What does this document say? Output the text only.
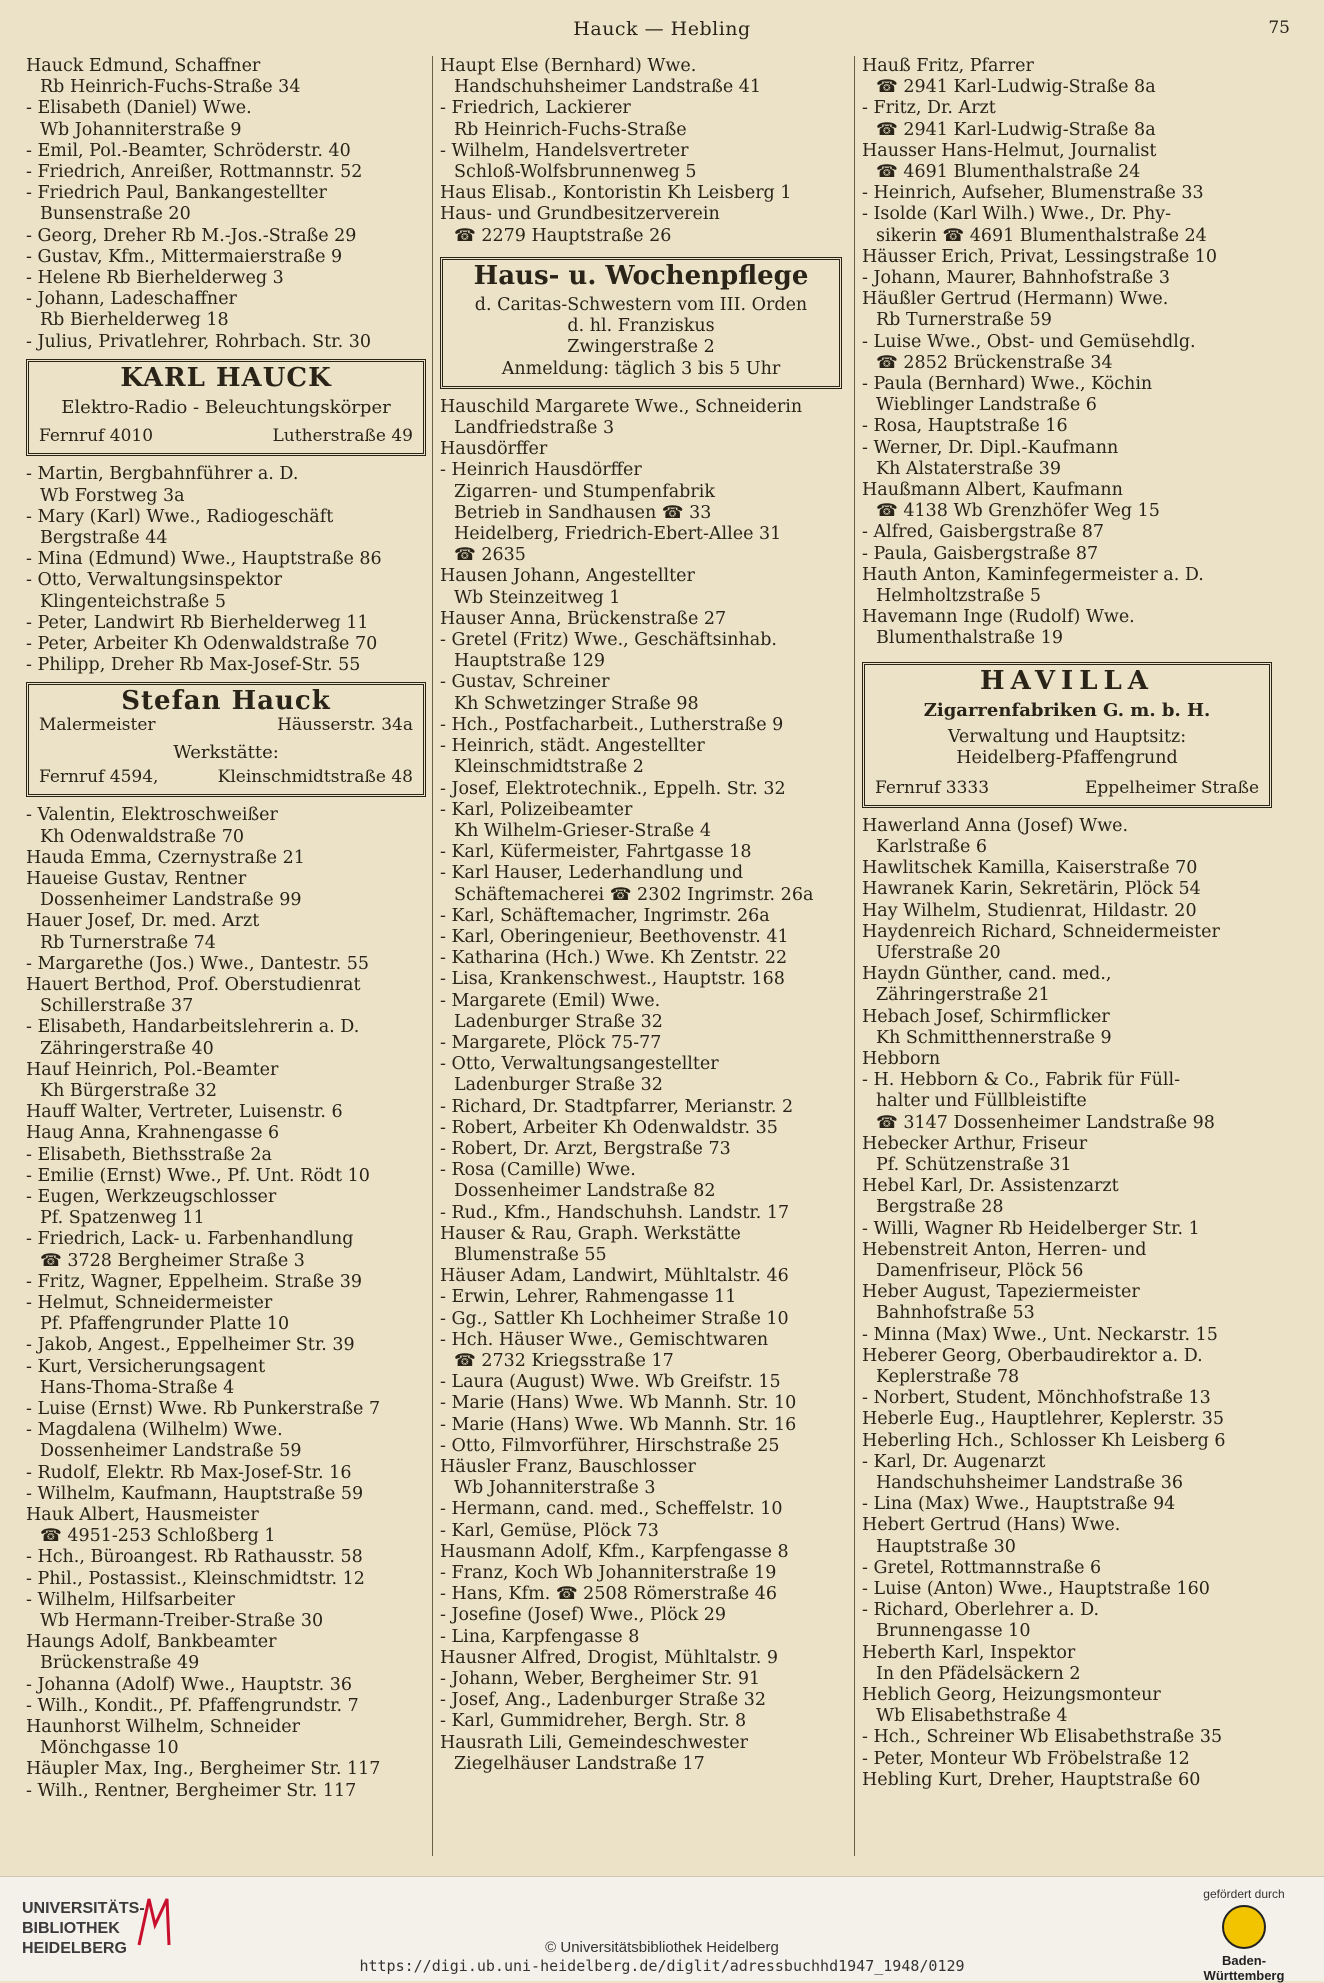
Hauck — Hebling	75
Hauck Edmund, Schaffner
Rb Heinrich-Fuchs-Straße 34
- Elisabeth (Daniel) Wwe.
Wb Johanniterstraße 9
- Emil, Pol.-Beamter, Schröderstr. 40
- Friedrich, Anreißer, Rottmannstr. 52
- Friedrich Paul, Bankangestellter
Bunsenstraße 20
- Georg, Dreher Rb M.-Jos.-Straße 29
- Gustav, Kfm., Mittermaierstraße 9
- Helene Rb Bierhelderweg 3
- Johann, Ladeschaffner
Rb Bierhelderweg 18
- Julius, Privatlehrer, Rohrbach. Str. 30
KARL HAUCK
Elektro-Radio - Beleuchtungskörper
Fernruf 4010	Lutherstraße 49
- Martin, Bergbahnführer a. D.
Wb Forstweg 3a
- Mary (Karl) Wwe., Radiogeschäft
Bergstraße 44
- Mina (Edmund) Wwe., Hauptstraße 86
- Otto, Verwaltungsinspektor
Klingenteichstraße 5
- Peter, Landwirt Rb Bierhelderweg 11
- Peter, Arbeiter Kh Odenwaldstraße 70
- Philipp, Dreher Rb Max-Josef-Str. 55
Stefan Hauck
Malermeister	Häusserstr. 34a
Werkstätte:
Fernruf 4594,	Kleinschmidtstraße 48
- Valentin, Elektroschweißer
Kh Odenwaldstraße 70
Hauda Emma, Czernystraße 21
Haueise Gustav, Rentner
Dossenheimer Landstraße 99
Hauer Josef, Dr. med. Arzt
Rb Turnerstraße 74
- Margarethe (Jos.) Wwe., Dantestr. 55
Hauert Berthod, Prof. Oberstudienrat
Schillerstraße 37
- Elisabeth, Handarbeitslehrerin a. D.
Zähringerstraße 40
Hauf Heinrich, Pol.-Beamter
Kh Bürgerstraße 32
Hauff Walter, Vertreter, Luisenstr. 6
Haug Anna, Krahnengasse 6
- Elisabeth, Biethsstraße 2a
- Emilie (Ernst) Wwe., Pf. Unt. Rödt 10
- Eugen, Werkzeugschlosser
Pf. Spatzenweg 11
- Friedrich, Lack- u. Farbenhandlung
☎ 3728 Bergheimer Straße 3
- Fritz, Wagner, Eppelheim. Straße 39
- Helmut, Schneidermeister
Pf. Pfaffengrunder Platte 10
- Jakob, Angest., Eppelheimer Str. 39
- Kurt, Versicherungsagent
Hans-Thoma-Straße 4
- Luise (Ernst) Wwe. Rb Punkerstraße 7
- Magdalena (Wilhelm) Wwe.
Dossenheimer Landstraße 59
- Rudolf, Elektr. Rb Max-Josef-Str. 16
- Wilhelm, Kaufmann, Hauptstraße 59
Hauk Albert, Hausmeister
☎ 4951-253 Schloßberg 1
- Hch., Büroangest. Rb Rathausstr. 58
- Phil., Postassist., Kleinschmidtstr. 12
- Wilhelm, Hilfsarbeiter
Wb Hermann-Treiber-Straße 30
Haungs Adolf, Bankbeamter
Brückenstraße 49
- Johanna (Adolf) Wwe., Hauptstr. 36
- Wilh., Kondit., Pf. Pfaffengrundstr. 7
Haunhorst Wilhelm, Schneider
Mönchgasse 10
Häupler Max, Ing., Bergheimer Str. 117
- Wilh., Rentner, Bergheimer Str. 117
Haupt Else (Bernhard) Wwe.
Handschuhsheimer Landstraße 41
- Friedrich, Lackierer
Rb Heinrich-Fuchs-Straße
- Wilhelm, Handelsvertreter
Schloß-Wolfsbrunnenweg 5
Haus Elisab., Kontoristin Kh Leisberg 1
Haus- und Grundbesitzerverein
☎ 2279 Hauptstraße 26
Haus- u. Wochenpflege
d. Caritas-Schwestern vom III. Orden
d. hl. Franziskus
Zwingerstraße 2
Anmeldung: täglich 3 bis 5 Uhr
Hauschild Margarete Wwe., Schneiderin
Landfriedstraße 3
Hausdörffer
- Heinrich Hausdörffer
Zigarren- und Stumpenfabrik
Betrieb in Sandhausen ☎ 33
Heidelberg, Friedrich-Ebert-Allee 31
☎ 2635
Hausen Johann, Angestellter
Wb Steinzeitweg 1
Hauser Anna, Brückenstraße 27
- Gretel (Fritz) Wwe., Geschäftsinhab.
Hauptstraße 129
- Gustav, Schreiner
Kh Schwetzinger Straße 98
- Hch., Postfacharbeit., Lutherstraße 9
- Heinrich, städt. Angestellter
Kleinschmidtstraße 2
- Josef, Elektrotechnik., Eppelh. Str. 32
- Karl, Polizeibeamter
Kh Wilhelm-Grieser-Straße 4
- Karl, Küfermeister, Fahrtgasse 18
- Karl Hauser, Lederhandlung und
Schäftemacherei ☎ 2302 Ingrimstr. 26a
- Karl, Schäftemacher, Ingrimstr. 26a
- Karl, Oberingenieur, Beethovenstr. 41
- Katharina (Hch.) Wwe. Kh Zentstr. 22
- Lisa, Krankenschwest., Hauptstr. 168
- Margarete (Emil) Wwe.
Ladenburger Straße 32
- Margarete, Plöck 75-77
- Otto, Verwaltungsangestellter
Ladenburger Straße 32
- Richard, Dr. Stadtpfarrer, Merianstr. 2
- Robert, Arbeiter Kh Odenwaldstr. 35
- Robert, Dr. Arzt, Bergstraße 73
- Rosa (Camille) Wwe.
Dossenheimer Landstraße 82
- Rud., Kfm., Handschuhsh. Landstr. 17
Hauser & Rau, Graph. Werkstätte
Blumenstraße 55
Häuser Adam, Landwirt, Mühltalstr. 46
- Erwin, Lehrer, Rahmengasse 11
- Gg., Sattler Kh Lochheimer Straße 10
- Hch. Häuser Wwe., Gemischtwaren
☎ 2732 Kriegsstraße 17
- Laura (August) Wwe. Wb Greifstr. 15
- Marie (Hans) Wwe. Wb Mannh. Str. 10
- Marie (Hans) Wwe. Wb Mannh. Str. 16
- Otto, Filmvorführer, Hirschstraße 25
Häusler Franz, Bauschlosser
Wb Johanniterstraße 3
- Hermann, cand. med., Scheffelstr. 10
- Karl, Gemüse, Plöck 73
Hausmann Adolf, Kfm., Karpfengasse 8
- Franz, Koch Wb Johanniterstraße 19
- Hans, Kfm. ☎ 2508 Römerstraße 46
- Josefine (Josef) Wwe., Plöck 29
- Lina, Karpfengasse 8
Hausner Alfred, Drogist, Mühltalstr. 9
- Johann, Weber, Bergheimer Str. 91
- Josef, Ang., Ladenburger Straße 32
- Karl, Gummidreher, Bergh. Str. 8
Hausrath Lili, Gemeindeschwester
Ziegelhäuser Landstraße 17
Hauß Fritz, Pfarrer
☎ 2941 Karl-Ludwig-Straße 8a
- Fritz, Dr. Arzt
☎ 2941 Karl-Ludwig-Straße 8a
Hausser Hans-Helmut, Journalist
☎ 4691 Blumenthalstraße 24
- Heinrich, Aufseher, Blumenstraße 33
- Isolde (Karl Wilh.) Wwe., Dr. Phy-
sikerin ☎ 4691 Blumenthalstraße 24
Häusser Erich, Privat, Lessingstraße 10
- Johann, Maurer, Bahnhofstraße 3
Häußler Gertrud (Hermann) Wwe.
Rb Turnerstraße 59
- Luise Wwe., Obst- und Gemüsehdlg.
☎ 2852 Brückenstraße 34
- Paula (Bernhard) Wwe., Köchin
Wieblinger Landstraße 6
- Rosa, Hauptstraße 16
- Werner, Dr. Dipl.-Kaufmann
Kh Alstaterstraße 39
Haußmann Albert, Kaufmann
☎ 4138 Wb Grenzhöfer Weg 15
- Alfred, Gaisbergstraße 87
- Paula, Gaisbergstraße 87
Hauth Anton, Kaminfegermeister a. D.
Helmholtzstraße 5
Havemann Inge (Rudolf) Wwe.
Blumenthalstraße 19
HAVILLA
Zigarrenfabriken G. m. b. H.
Verwaltung und Hauptsitz:
Heidelberg-Pfaffengrund
Fernruf 3333	Eppelheimer Straße
Hawerland Anna (Josef) Wwe.
Karlstraße 6
Hawlitschek Kamilla, Kaiserstraße 70
Hawranek Karin, Sekretärin, Plöck 54
Hay Wilhelm, Studienrat, Hildastr. 20
Haydenreich Richard, Schneidermeister
Uferstraße 20
Haydn Günther, cand. med.,
Zähringerstraße 21
Hebach Josef, Schirmflicker
Kh Schmitthennerstraße 9
Hebborn
- H. Hebborn & Co., Fabrik für Füll-
halter und Füllbleistifte
☎ 3147 Dossenheimer Landstraße 98
Hebecker Arthur, Friseur
Pf. Schützenstraße 31
Hebel Karl, Dr. Assistenzarzt
Bergstraße 28
- Willi, Wagner Rb Heidelberger Str. 1
Hebenstreit Anton, Herren- und
Damenfriseur, Plöck 56
Heber August, Tapeziermeister
Bahnhofstraße 53
- Minna (Max) Wwe., Unt. Neckarstr. 15
Heberer Georg, Oberbaudirektor a. D.
Keplerstraße 78
- Norbert, Student, Mönchhofstraße 13
Heberle Eug., Hauptlehrer, Keplerstr. 35
Heberling Hch., Schlosser Kh Leisberg 6
- Karl, Dr. Augenarzt
Handschuhsheimer Landstraße 36
- Lina (Max) Wwe., Hauptstraße 94
Hebert Gertrud (Hans) Wwe.
Hauptstraße 30
- Gretel, Rottmannstraße 6
- Luise (Anton) Wwe., Hauptstraße 160
- Richard, Oberlehrer a. D.
Brunnengasse 10
Heberth Karl, Inspektor
In den Pfädelsäckern 2
Heblich Georg, Heizungsmonteur
Wb Elisabethstraße 4
- Hch., Schreiner Wb Elisabethstraße 35
- Peter, Monteur Wb Fröbelstraße 12
Hebling Kurt, Dreher, Hauptstraße 60
UNIVERSITÄTS-
BIBLIOTHEK
HEIDELBERG	© Universitätsbibliothek Heidelberg
https://digi.ub.uni-heidelberg.de/diglit/adressbuchhd1947_1948/0129
gefördert durch
Baden-Württemberg
